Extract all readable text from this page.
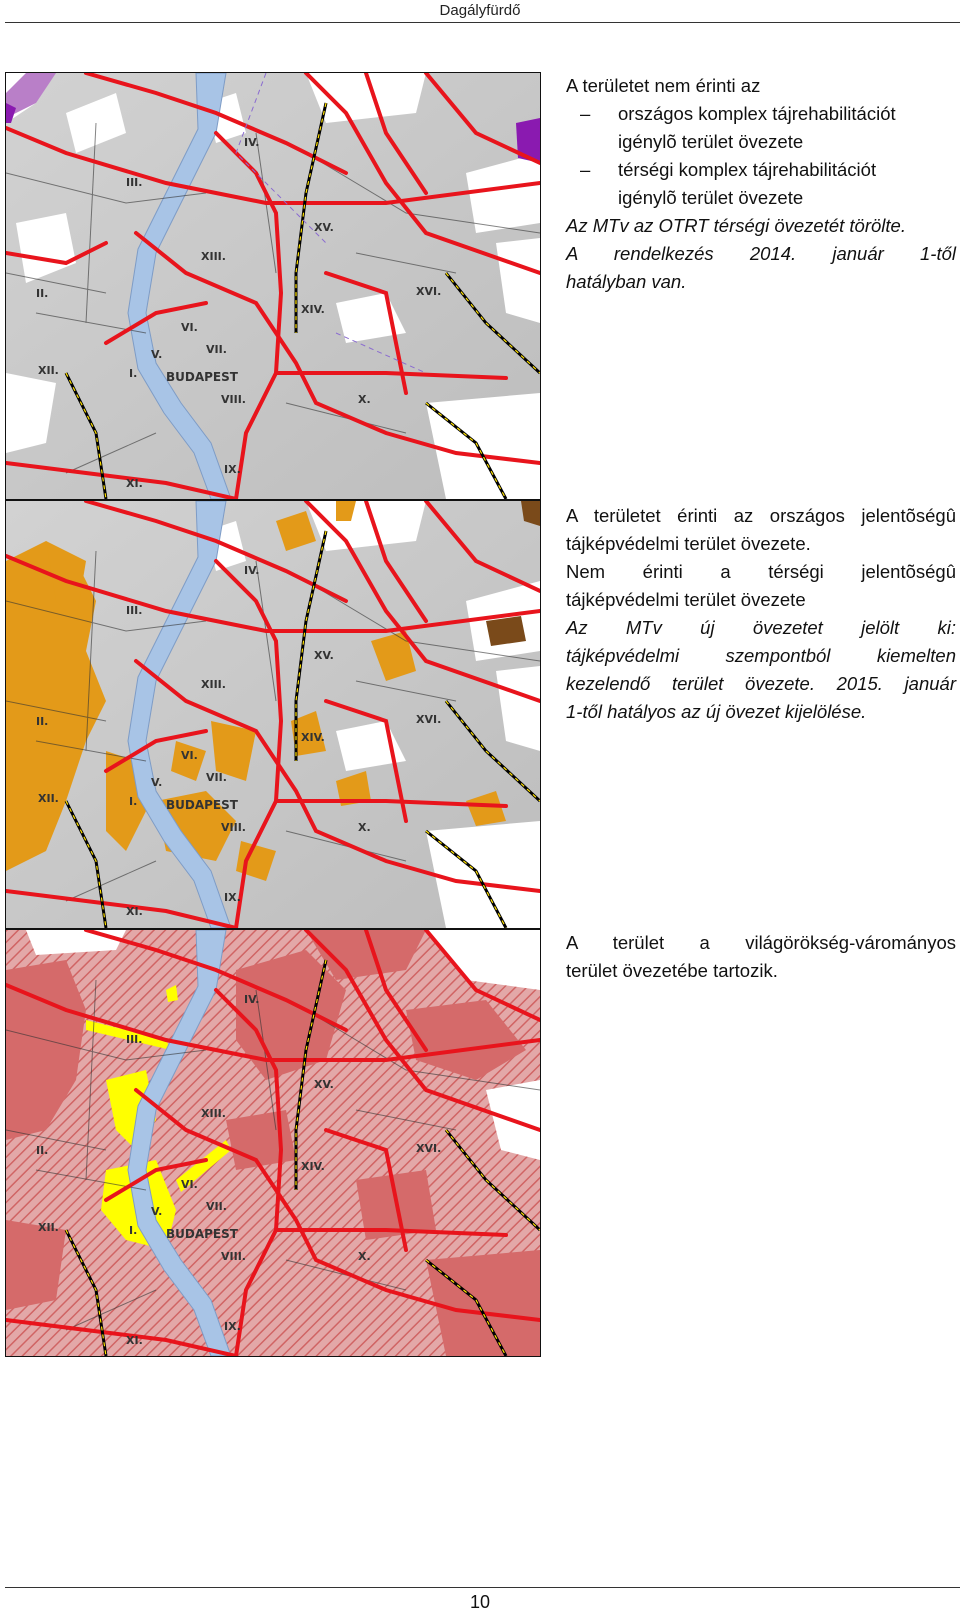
Dagályfürdő
IV.
III.
XV.
XIII.
II.	XVI.
XIV.
VI.
VII.
V.
XII.	I. BUDAPEST
VIII.	X.
IX.
XI.
IV.
III.
XV.
XIII.
II.	XVI.
XIV.
VI.
VII.
V.
XII.	I. BUDAPEST
VIII.	X.
IX.
XI.
IV.
III.
XV.
XIII.
II.	XVI.
XIV.
VI.
VII.
V.
XII.	I. BUDAPEST
VIII.	X.
IX.
XI.

A területet nem érinti az

– országos komplex tájrehabilitációt

igénylõ terület övezete

– térségi komplex tájrehabilitációt

igénylõ terület övezete

Az MTv az OTRT térségi övezetét törölte.

A rendelkezés 2014. január 1-től

hatályban van.

A területet érinti az országos jelentõségû

tájképvédelmi terület övezete.

Nem érinti a térségi jelentõségû

tájképvédelmi terület övezete

Az MTv új övezetet jelölt ki:

tájképvédelmi szempontból kiemelten

kezelendő terület övezete. 2015. január

1-től hatályos az új övezet kijelölése.

A terület a világörökség-várományos

terület övezetébe tartozik.

10
